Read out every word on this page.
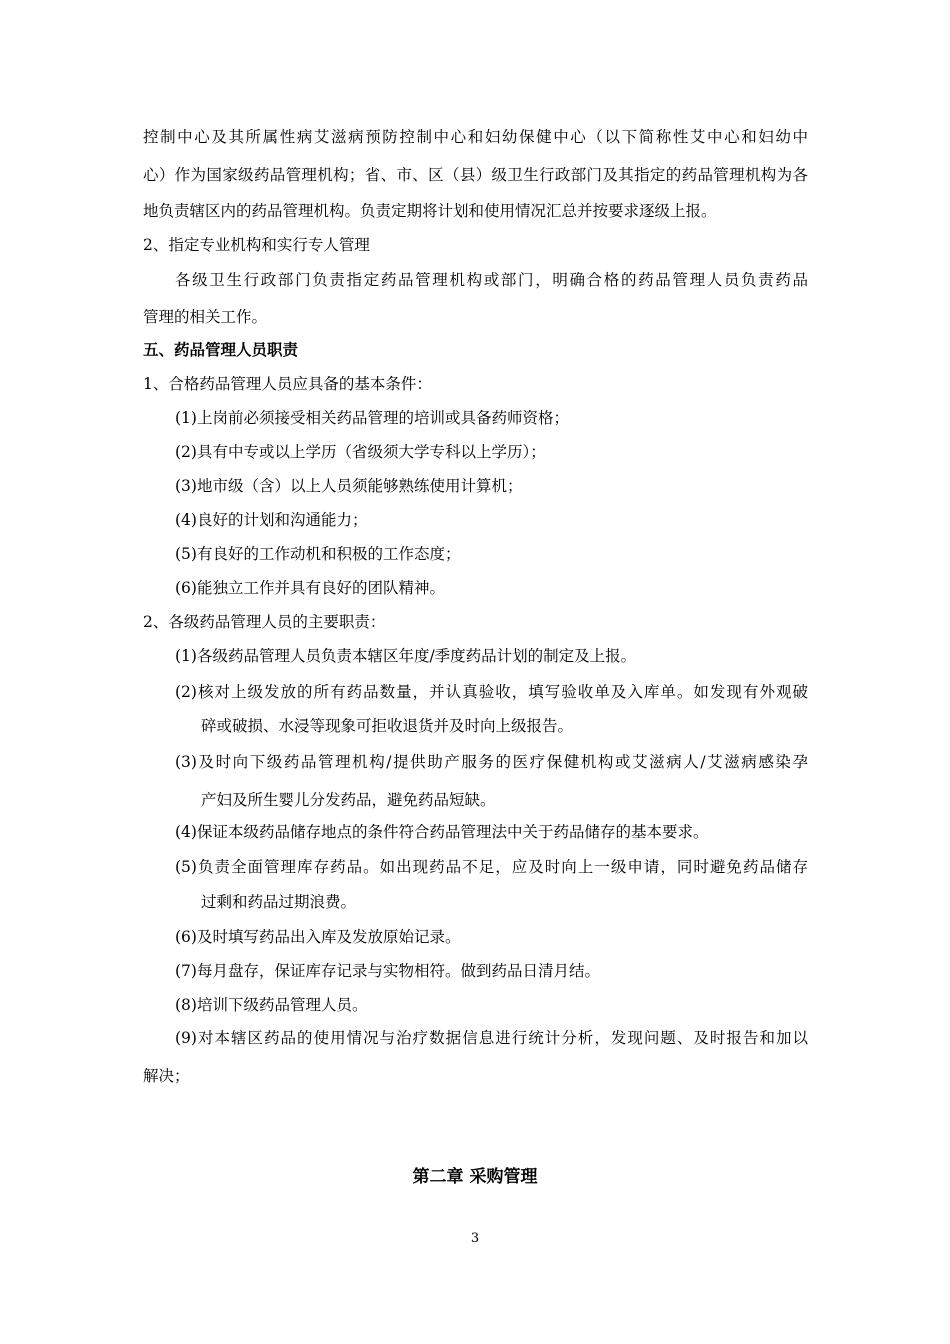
控制中心及其所属性病艾滋病预防控制中心和妇幼保健中心（以下简称性艾中心和妇幼中
心）作为国家级药品管理机构；省、市、区（县）级卫生行政部门及其指定的药品管理机构为各
地负责辖区内的药品管理机构。负责定期将计划和使用情况汇总并按要求逐级上报。
2、指定专业机构和实行专人管理
各级卫生行政部门负责指定药品管理机构或部门，明确合格的药品管理人员负责药品
管理的相关工作。
五、药品管理人员职责
1、合格药品管理人员应具备的基本条件：
(1)上岗前必须接受相关药品管理的培训或具备药师资格；
(2)具有中专或以上学历（省级须大学专科以上学历）；
(3)地市级（含）以上人员须能够熟练使用计算机；
(4)良好的计划和沟通能力；
(5)有良好的工作动机和积极的工作态度；
(6)能独立工作并具有良好的团队精神。
2、各级药品管理人员的主要职责：
(1)各级药品管理人员负责本辖区年度/季度药品计划的制定及上报。
(2)核对上级发放的所有药品数量，并认真验收，填写验收单及入库单。如发现有外观破
碎或破损、水浸等现象可拒收退货并及时向上级报告。
(3)及时向下级药品管理机构/提供助产服务的医疗保健机构或艾滋病人/艾滋病感染孕
产妇及所生婴儿分发药品，避免药品短缺。
(4)保证本级药品储存地点的条件符合药品管理法中关于药品储存的基本要求。
(5)负责全面管理库存药品。如出现药品不足，应及时向上一级申请，同时避免药品储存
过剩和药品过期浪费。
(6)及时填写药品出入库及发放原始记录。
(7)每月盘存，保证库存记录与实物相符。做到药品日清月结。
(8)培训下级药品管理人员。
(9)对本辖区药品的使用情况与治疗数据信息进行统计分析，发现问题、及时报告和加以
解决；
第二章 采购管理
3
